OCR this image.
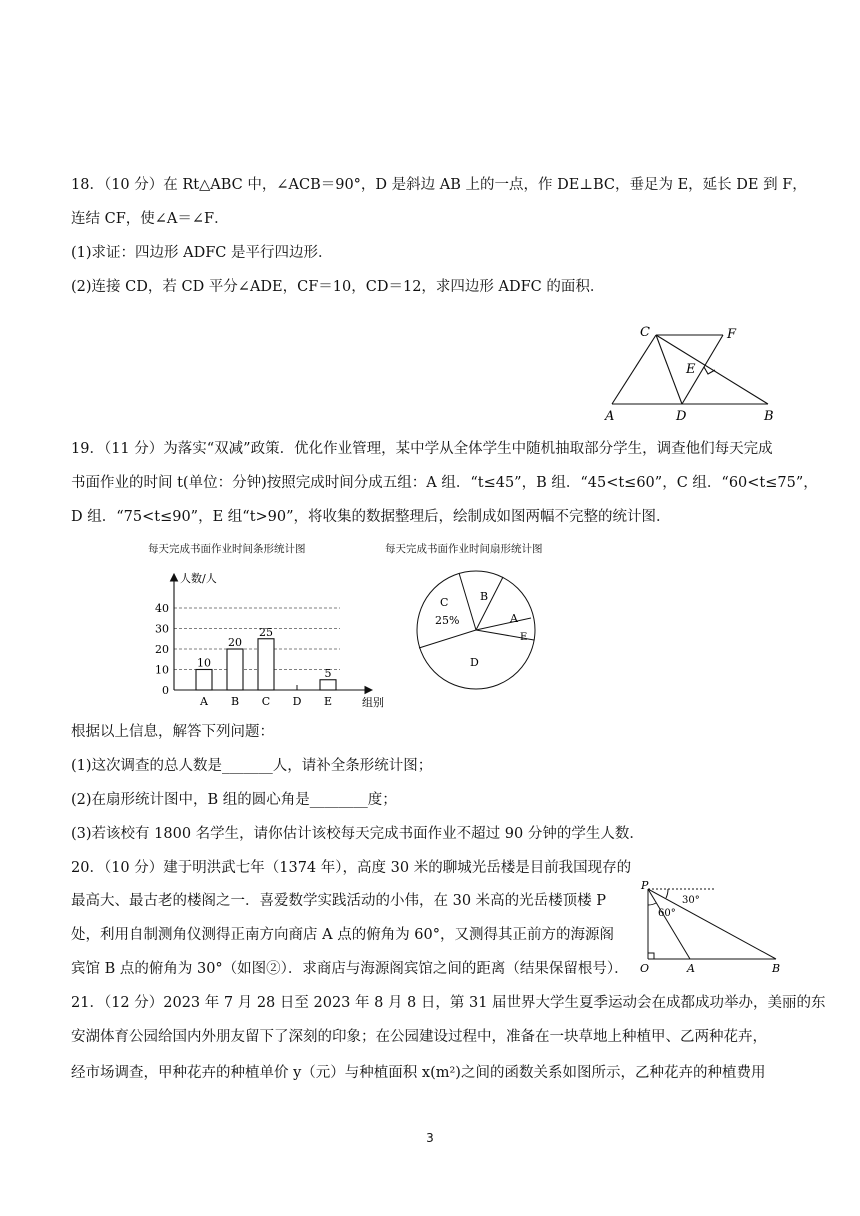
18．（10 分）在 Rt△ABC 中，∠ACB＝90°，D 是斜边 AB 上的一点，作 DE⊥BC，垂足为 E，延长 DE 到 F，
连结 CF，使∠A＝∠F．
(1)求证：四边形 ADFC 是平行四边形．
(2)连接 CD，若 CD 平分∠ADE，CF＝10，CD＝12，求四边形 ADFC 的面积．
C	F
E
A	D	B
19．（11 分）为落实“双减”政策．优化作业管理，某中学从全体学生中随机抽取部分学生，调查他们每天完成
书面作业的时间 t(单位：分钟)按照完成时间分成五组：A 组．“t≤45”，B 组．“45<t≤60”，C 组．“60<t≤75”，
D 组．“75<t≤90”，E 组“t>90”，将收集的数据整理后，绘制成如图两幅不完整的统计图．
每天完成书面作业时间条形统计图	每天完成书面作业时间扇形统计图
0
10
20
30
40
A B C D E
10
20
25
5
人数/人
组别
C
25%
B
A
E
D
根据以上信息，解答下列问题：
(1)这次调查的总人数是_______人，请补全条形统计图；
(2)在扇形统计图中，B 组的圆心角是________度；
(3)若该校有 1800 名学生，请你估计该校每天完成书面作业不超过 90 分钟的学生人数．
20．（10 分）建于明洪武七年（1374 年），高度 30 米的聊城光岳楼是目前我国现存的
最高大、最古老的楼阁之一．喜爱数学实践活动的小伟，在 30 米高的光岳楼顶楼 P
处，利用自制测角仪测得正南方向商店 A 点的俯角为 60°，又测得其正前方的海源阁
宾馆 B 点的俯角为 30°（如图②）．求商店与海源阁宾馆之间的距离（结果保留根号）．
P
O	A	B
30°
60°
21．（12 分）2023 年 7 月 28 日至 2023 年 8 月 8 日，第 31 届世界大学生夏季运动会在成都成功举办，美丽的东
安湖体育公园给国内外朋友留下了深刻的印象；在公园建设过程中，准备在一块草地上种植甲、乙两种花卉，
经市场调查，甲种花卉的种植单价 y（元）与种植面积 x(m²)之间的函数关系如图所示，乙种花卉的种植费用
3
